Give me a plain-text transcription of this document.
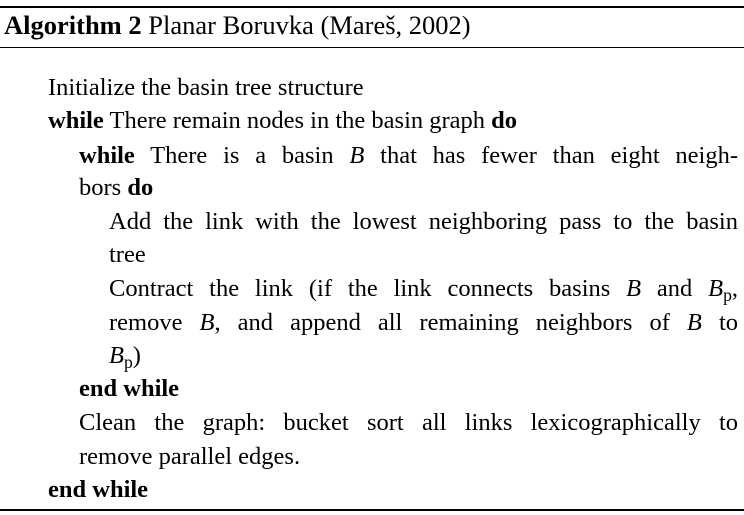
Algorithm 2 Planar Boruvka (Mareš, 2002)
Initialize the basin tree structure
while There remain nodes in the basin graph do
while There is a basin B that has fewer than eight neigh-
bors do
Add the link with the lowest neighboring pass to the basin
tree
Contract the link (if the link connects basins B and $B_p$,
remove B, and append all remaining neighbors of B to
$B_p$)
end while
Clean the graph: bucket sort all links lexicographically to
remove parallel edges.
end while
